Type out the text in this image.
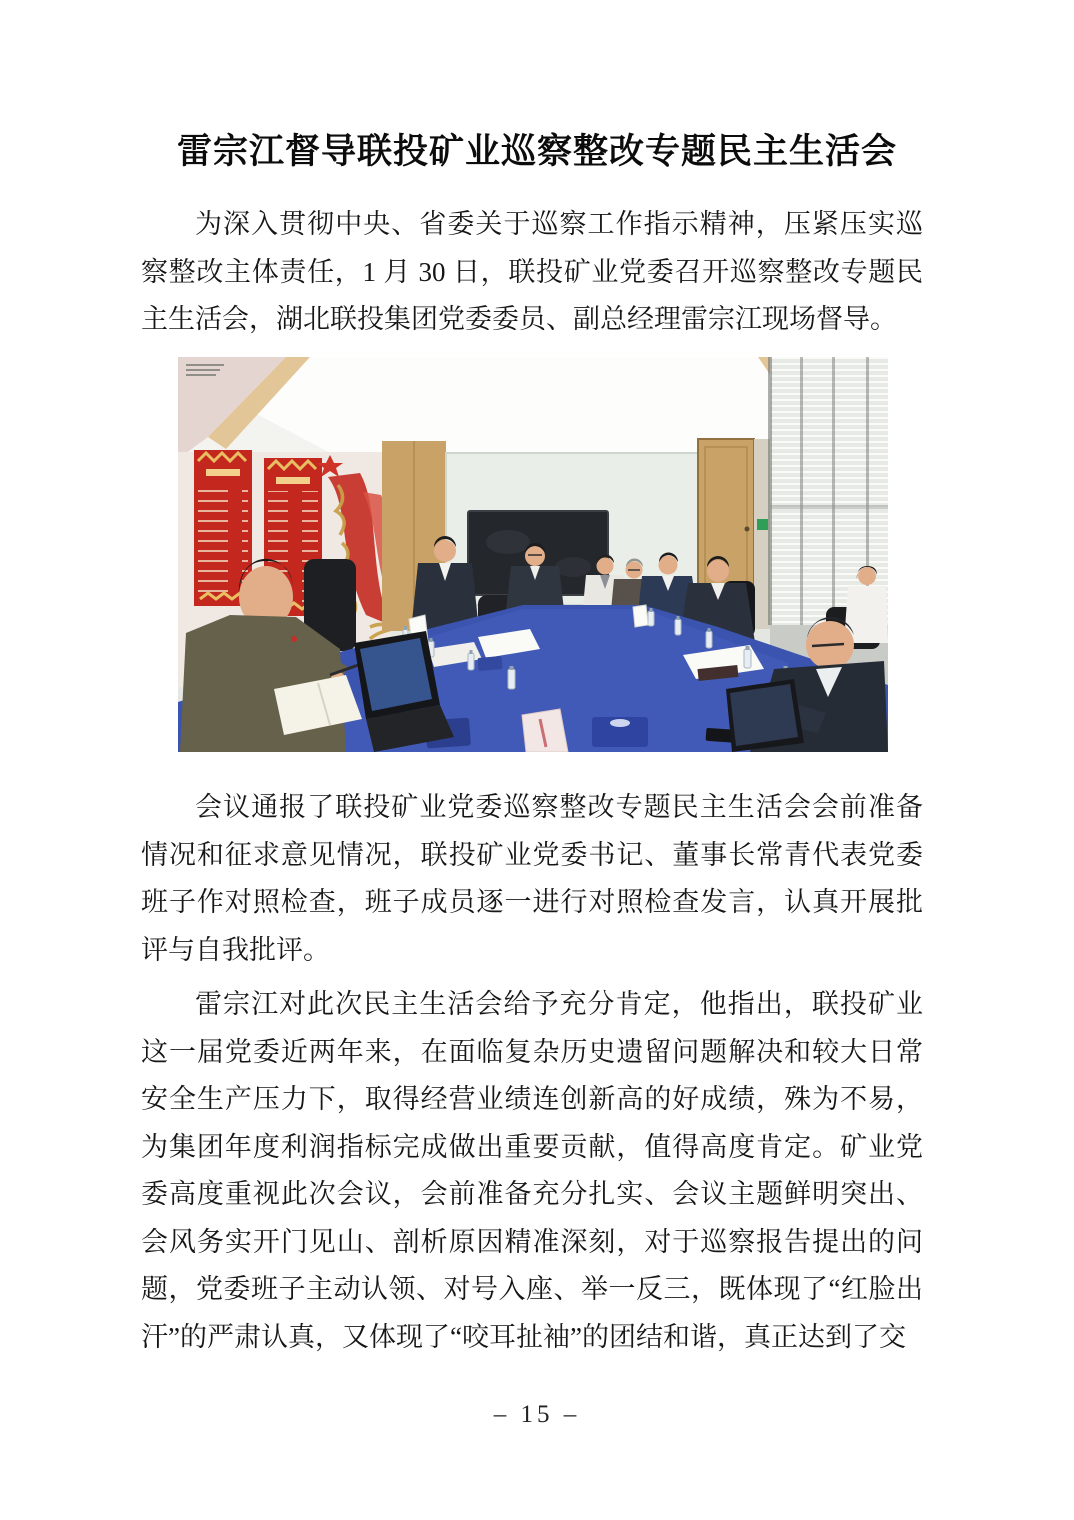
雷宗江督导联投矿业巡察整改专题民主生活会

为深入贯彻中央、省委关于巡察工作指示精神，压紧压实巡察整改主体责任，1 月 30 日，联投矿业党委召开巡察整改专题民主生活会，湖北联投集团党委委员、副总经理雷宗江现场督导。

会议通报了联投矿业党委巡察整改专题民主生活会会前准备情况和征求意见情况，联投矿业党委书记、董事长常青代表党委班子作对照检查，班子成员逐一进行对照检查发言，认真开展批评与自我批评。

雷宗江对此次民主生活会给予充分肯定，他指出，联投矿业这一届党委近两年来，在面临复杂历史遗留问题解决和较大日常安全生产压力下，取得经营业绩连创新高的好成绩，殊为不易，为集团年度利润指标完成做出重要贡献，值得高度肯定。矿业党委高度重视此次会议，会前准备充分扎实、会议主题鲜明突出、会风务实开门见山、剖析原因精准深刻，对于巡察报告提出的问题，党委班子主动认领、对号入座、举一反三，既体现了“红脸出汗”的严肃认真，又体现了“咬耳扯袖”的团结和谐，真正达到了交

– 15 –
